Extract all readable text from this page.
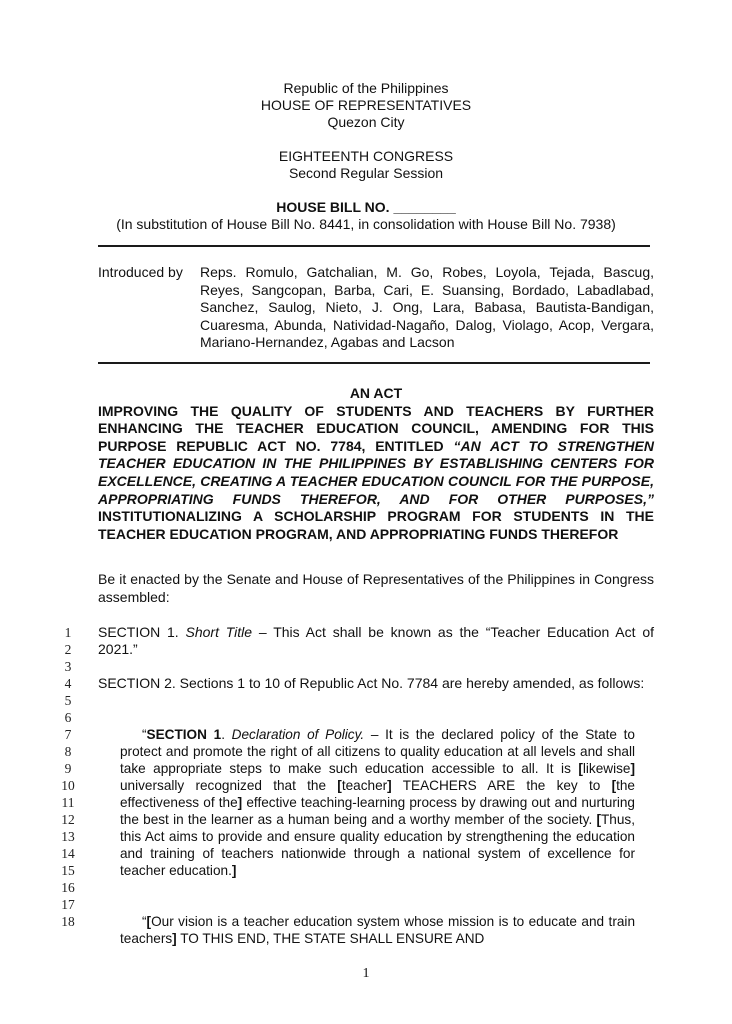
Republic of the Philippines
HOUSE OF REPRESENTATIVES
Quezon City
EIGHTEENTH CONGRESS
Second Regular Session
HOUSE BILL NO. ________
(In substitution of House Bill No. 8441, in consolidation with House Bill No. 7938)
Introduced by Reps. Romulo, Gatchalian, M. Go, Robes, Loyola, Tejada, Bascug, Reyes, Sangcopan, Barba, Cari, E. Suansing, Bordado, Labadlabad, Sanchez, Saulog, Nieto, J. Ong, Lara, Babasa, Bautista-Bandigan, Cuaresma, Abunda, Natividad-Nagaño, Dalog, Violago, Acop, Vergara, Mariano-Hernandez, Agabas and Lacson
AN ACT
IMPROVING THE QUALITY OF STUDENTS AND TEACHERS BY FURTHER ENHANCING THE TEACHER EDUCATION COUNCIL, AMENDING FOR THIS PURPOSE REPUBLIC ACT NO. 7784, ENTITLED “AN ACT TO STRENGTHEN TEACHER EDUCATION IN THE PHILIPPINES BY ESTABLISHING CENTERS FOR EXCELLENCE, CREATING A TEACHER EDUCATION COUNCIL FOR THE PURPOSE, APPROPRIATING FUNDS THEREFOR, AND FOR OTHER PURPOSES,” INSTITUTIONALIZING A SCHOLARSHIP PROGRAM FOR STUDENTS IN THE TEACHER EDUCATION PROGRAM, AND APPROPRIATING FUNDS THEREFOR
Be it enacted by the Senate and House of Representatives of the Philippines in Congress assembled:
1
2
3
4
5
6
7
8
9
10
11
12
13
14
15
16
17
18
SECTION 1. Short Title – This Act shall be known as the “Teacher Education Act of 2021.”
SECTION 2. Sections 1 to 10 of Republic Act No. 7784 are hereby amended, as follows:
“SECTION 1. Declaration of Policy. – It is the declared policy of the State to protect and promote the right of all citizens to quality education at all levels and shall take appropriate steps to make such education accessible to all. It is [likewise] universally recognized that the [teacher] TEACHERS ARE the key to [the effectiveness of the] effective teaching-learning process by drawing out and nurturing the best in the learner as a human being and a worthy member of the society. [Thus, this Act aims to provide and ensure quality education by strengthening the education and training of teachers nationwide through a national system of excellence for teacher education.]
“[Our vision is a teacher education system whose mission is to educate and train teachers] TO THIS END, THE STATE SHALL ENSURE AND
1
